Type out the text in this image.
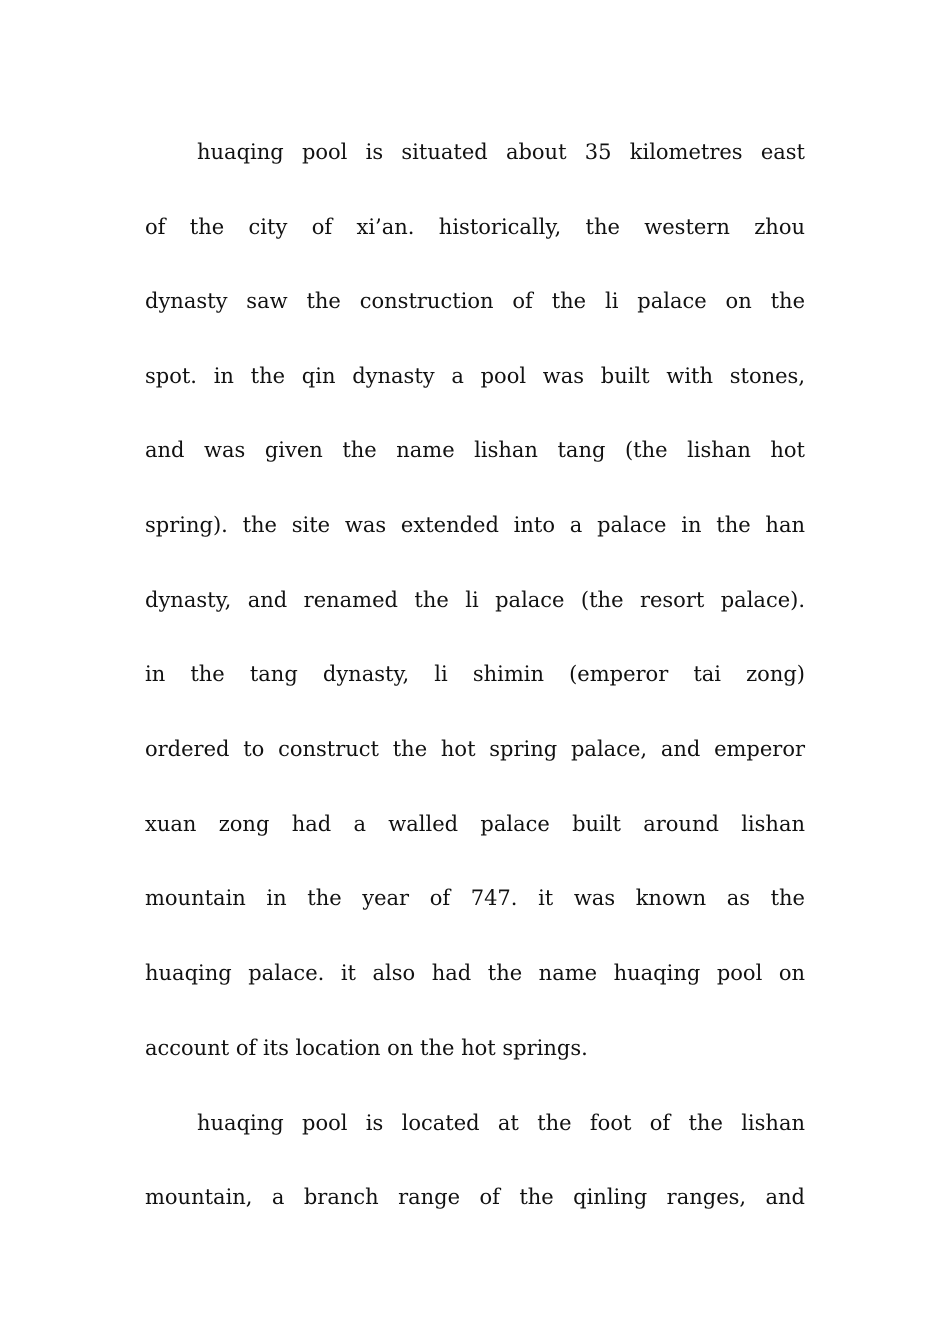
huaqing pool is situated about 35 kilometres east
of the city of xi’an. historically, the western zhou
dynasty saw the construction of the li palace on the
spot. in the qin dynasty a pool was built with stones,
and was given the name lishan tang (the lishan hot
spring). the site was extended into a palace in the han
dynasty, and renamed the li palace (the resort palace).
in the tang dynasty, li shimin (emperor tai zong)
ordered to construct the hot spring palace, and emperor
xuan zong had a walled palace built around lishan
mountain in the year of 747. it was known as the
huaqing palace. it also had the name huaqing pool on
account of its location on the hot springs.
huaqing pool is located at the foot of the lishan
mountain, a branch range of the qinling ranges, and
